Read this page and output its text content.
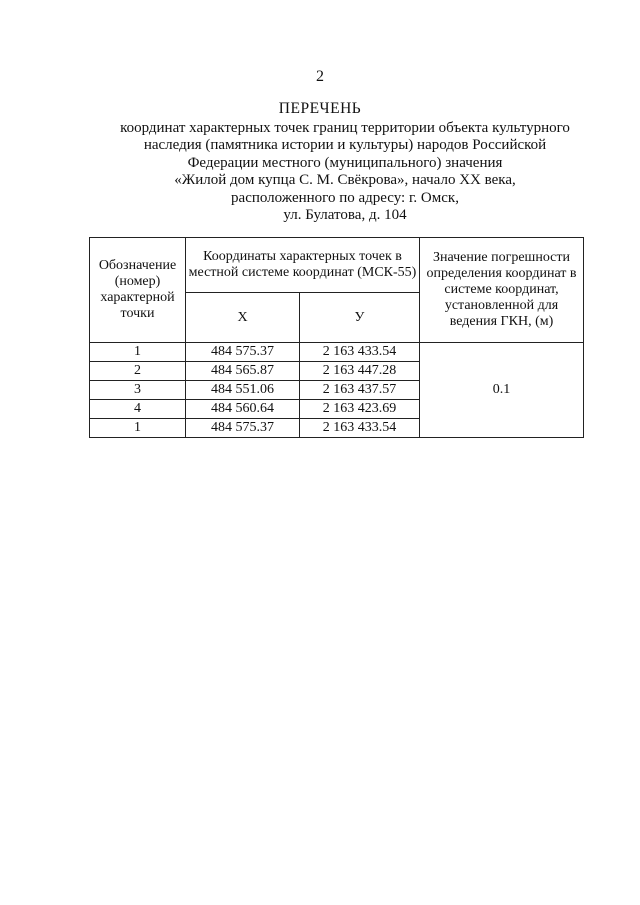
2
ПЕРЕЧЕНЬ
координат характерных точек границ территории объекта культурного
наследия (памятника истории и культуры) народов Российской
Федерации местного (муниципального) значения
«Жилой дом купца С. М. Свёкрова», начало XX века,
расположенного по адресу: г. Омск,
ул. Булатова, д. 104
Обозначение (номер) характерной точки	Координаты характерных точек в местной системе координат (МСК-55)		Значение погрешности определения координат в системе координат, установленной для ведения ГКН, (м)
	Х	У	
1	484 575.37	2 163 433.54	0.1
2	484 565.87	2 163 447.28	
3	484 551.06	2 163 437.57	
4	484 560.64	2 163 423.69	
1	484 575.37	2 163 433.54	
